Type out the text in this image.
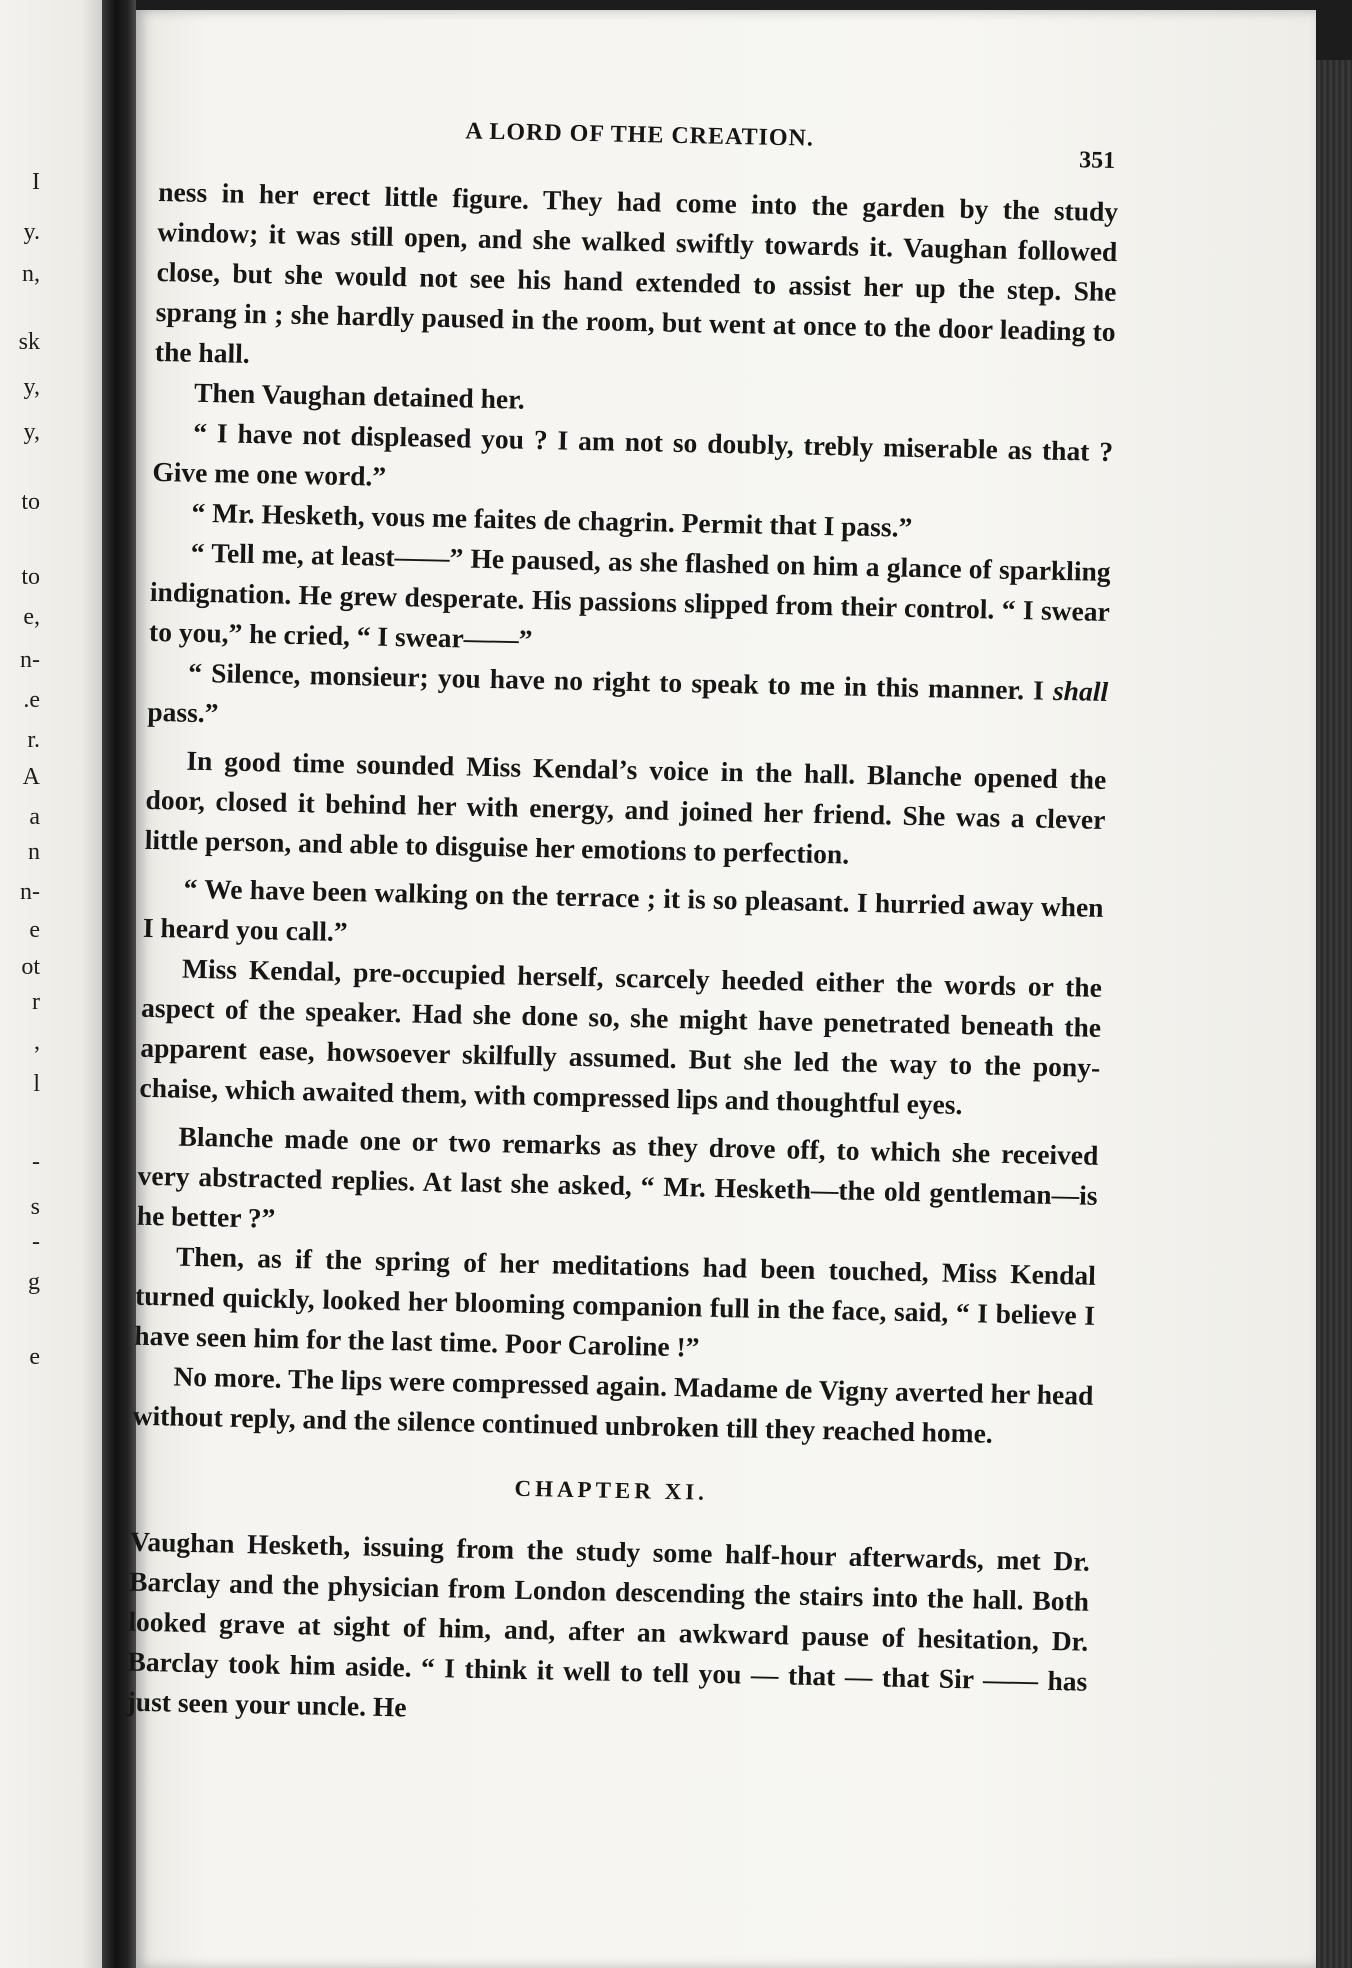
I
y.
n,
sk
y,
y,
to
to
e,
n-
.e
r.
A
a
n
n-
e
ot
r
,
l
-
s
-
g
e
A LORD OF THE CREATION.
351

ness in her erect little figure. They had come into the garden by the study window; it was still open, and she walked swiftly towards it. Vaughan followed close, but she would not see his hand extended to assist her up the step. She sprang in ; she hardly paused in the room, but went at once to the door leading to the hall.

Then Vaughan detained her.

“ I have not displeased you ? I am not so doubly, trebly miserable as that ? Give me one word.”

“ Mr. Hesketh, vous me faites de chagrin. Permit that I pass.”

“ Tell me, at least——” He paused, as she flashed on him a glance of sparkling indignation. He grew desperate. His passions slipped from their control. “ I swear to you,” he cried, “ I swear——”

“ Silence, monsieur; you have no right to speak to me in this manner. I shall pass.”

In good time sounded Miss Kendal’s voice in the hall. Blanche opened the door, closed it behind her with energy, and joined her friend. She was a clever little person, and able to disguise her emotions to perfection.

“ We have been walking on the terrace ; it is so pleasant. I hurried away when I heard you call.”

Miss Kendal, pre-occupied herself, scarcely heeded either the words or the aspect of the speaker. Had she done so, she might have penetrated beneath the apparent ease, howsoever skilfully assumed. But she led the way to the pony-chaise, which awaited them, with compressed lips and thoughtful eyes.

Blanche made one or two remarks as they drove off, to which she received very abstracted replies. At last she asked, “ Mr. Hesketh—the old gentleman—is he better ?”

Then, as if the spring of her meditations had been touched, Miss Kendal turned quickly, looked her blooming companion full in the face, said, “ I believe I have seen him for the last time. Poor Caroline !”

No more. The lips were compressed again. Madame de Vigny averted her head without reply, and the silence continued unbroken till they reached home.

CHAPTER XI.

Vaughan Hesketh, issuing from the study some half-hour afterwards, met Dr. Barclay and the physician from London descending the stairs into the hall. Both looked grave at sight of him, and, after an awkward pause of hesitation, Dr. Barclay took him aside. “ I think it well to tell you — that — that Sir —— has just seen your uncle. He
